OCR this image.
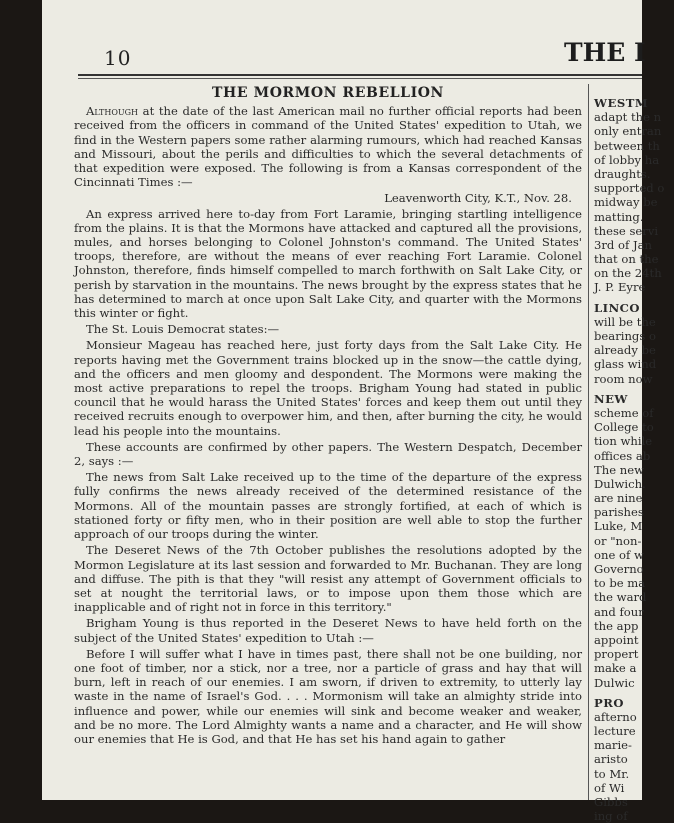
10	THE I
THE MORMON REBELLION

Although at the date of the last American mail no further official reports had been received from the officers in command of the United States' expedition to Utah, we find in the Western papers some rather alarming rumours, which had reached Kansas and Missouri, about the perils and difficulties to which the several detachments of that expedition were exposed. The following is from a Kansas correspondent of the Cincinnati Times :—

Leavenworth City, K.T., Nov. 28.

An express arrived here to-day from Fort Laramie, bringing startling intelligence from the plains. It is that the Mormons have attacked and captured all the provisions, mules, and horses belonging to Colonel Johnston's command. The United States' troops, therefore, are without the means of ever reaching Fort Laramie. Colonel Johnston, therefore, finds himself compelled to march forthwith on Salt Lake City, or perish by starvation in the mountains. The news brought by the express states that he has determined to march at once upon Salt Lake City, and quarter with the Mormons this winter or fight.

The St. Louis Democrat states:—

Monsieur Mageau has reached here, just forty days from the Salt Lake City. He reports having met the Government trains blocked up in the snow—the cattle dying, and the officers and men gloomy and despondent. The Mormons were making the most active preparations to repel the troops. Brigham Young had stated in public council that he would harass the United States' forces and keep them out until they received recruits enough to overpower him, and then, after burning the city, he would lead his people into the mountains.

These accounts are confirmed by other papers. The Western Despatch, December 2, says :—

The news from Salt Lake received up to the time of the departure of the express fully confirms the news already received of the determined resistance of the Mormons. All of the mountain passes are strongly fortified, at each of which is stationed forty or fifty men, who in their position are well able to stop the further approach of our troops during the winter.

The Deseret News of the 7th October publishes the resolutions adopted by the Mormon Legislature at its last session and forwarded to Mr. Buchanan. They are long and diffuse. The pith is that they "will resist any attempt of Government officials to set at nought the territorial laws, or to impose upon them those which are inapplicable and of right not in force in this territory."

Brigham Young is thus reported in the Deseret News to have held forth on the subject of the United States' expedition to Utah :—

Before I will suffer what I have in times past, there shall not be one building, nor one foot of timber, nor a stick, nor a tree, nor a particle of grass and hay that will burn, left in reach of our enemies. I am sworn, if driven to extremity, to utterly lay waste in the name of Israel's God. . . . Mormonism will take an almighty stride into influence and power, while our enemies will sink and become weaker and weaker, and be no more. The Lord Almighty wants a name and a character, and He will show our enemies that He is God, and that He has set his hand again to gather

WESTM
adapt the n
only entran
between th
of lobby ha
draughts.
supported o
midway be
matting.
these servi
3rd of Jan
that on the
on the 24th
J. P. Eyre
LINCO
will be the
bearings o
already be
glass wind
room now
NEW
scheme of
College to
tion while
offices ab
The new
Dulwich.
are nine
parishes
Luke, M
or "non-
one of w
Governo
to be ma
the ward
and four
the app
appoint
propert
make a
Dulwic
PRO
afterno
lecture
marie-
aristo
to Mr.
of Wi
Gibbs
ing of
